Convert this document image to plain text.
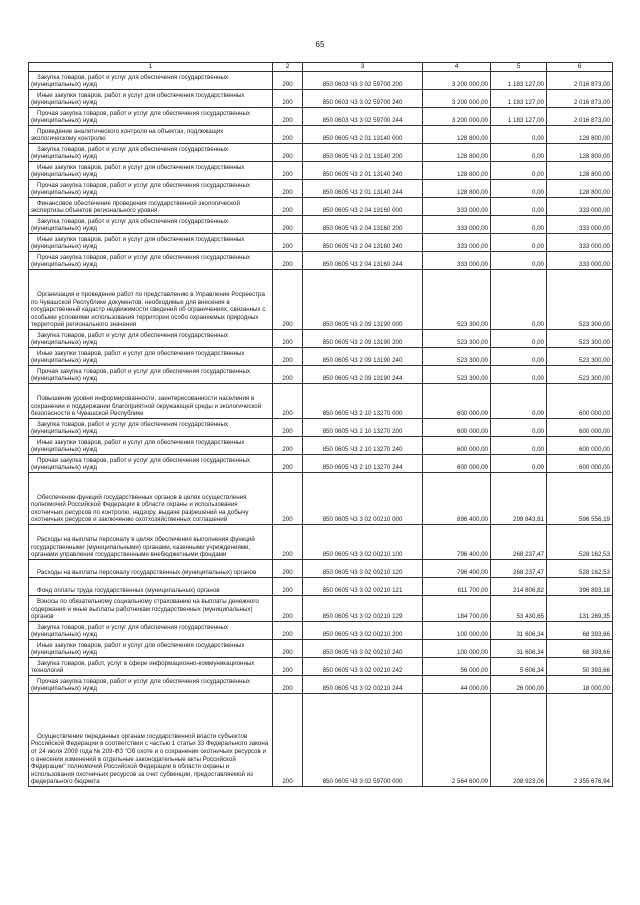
65
1	2	3	4	5	6
Закупка товаров, работ и услуг для обеспечения государственных (муниципальных) нужд	200	850 0603 Ч3 3 02 59700 200	3 200 000,00	1 183 127,00	2 016 873,00
Иные закупки товаров, работ и услуг для обеспечения государственных (муниципальных) нужд	200	850 0603 Ч3 3 02 59700 240	3 200 000,00	1 183 127,00	2 016 873,00
Прочая закупка товаров, работ и услуг для обеспечения государственных (муниципальных) нужд	200	850 0603 Ч3 3 02 59700 244	3 200 000,00	1 183 127,00	2 016 873,00
Проведение аналитического контроля на объектах, подлежащих экологическому контролю	200	850 0605 Ч3 2 01 13140 000	128 800,00	0,00	128 800,00
Закупка товаров, работ и услуг для обеспечения государственных (муниципальных) нужд	200	850 0605 Ч3 2 01 13140 200	128 800,00	0,00	128 800,00
Иные закупки товаров, работ и услуг для обеспечения государственных (муниципальных) нужд	200	850 0605 Ч3 2 01 13140 240	128 800,00	0,00	128 800,00
Прочая закупка товаров, работ и услуг для обеспечения государственных (муниципальных) нужд	200	850 0605 Ч3 2 01 13140 244	128 800,00	0,00	128 800,00
Финансовое обеспечение проведения государственной экологической экспертизы объектов регионального уровня	200	850 0605 Ч3 2 04 13160 000	333 000,00	0,00	333 000,00
Закупка товаров, работ и услуг для обеспечения государственных (муниципальных) нужд	200	850 0605 Ч3 2 04 13160 200	333 000,00	0,00	333 000,00
Иные закупки товаров, работ и услуг для обеспечения государственных (муниципальных) нужд	200	850 0605 Ч3 2 04 13160 240	333 000,00	0,00	333 000,00
Прочая закупка товаров, работ и услуг для обеспечения государственных (муниципальных) нужд	200	850 0605 Ч3 2 04 13160 244	333 000,00	0,00	333 000,00
Организация и проведение работ по представлению в Управление Росреестра по Чувашской Республике документов, необходимых для внесения в государственный кадастр недвижимости сведений об ограничениях, связанных с особыми условиями использования территории особо охраняемых природных территорий регионального значения	200	850 0605 Ч3 2 09 13190 000	523 300,00	0,00	523 300,00
Закупка товаров, работ и услуг для обеспечения государственных (муниципальных) нужд	200	850 0605 Ч3 2 09 13190 200	523 300,00	0,00	523 300,00
Иные закупки товаров, работ и услуг для обеспечения государственных (муниципальных) нужд	200	850 0605 Ч3 2 09 13190 240	523 300,00	0,00	523 300,00
Прочая закупка товаров, работ и услуг для обеспечения государственных (муниципальных) нужд	200	850 0605 Ч3 2 09 13190 244	523 300,00	0,00	523 300,00
Повышение уровня информированности, заинтересованности населения в сохранении и поддержании благоприятной окружающей среды и экологической безопасности в Чувашской Республике	200	850 0605 Ч3 2 10 13270 000	600 000,00	0,00	600 000,00
Закупка товаров, работ и услуг для обеспечения государственных (муниципальных) нужд	200	850 0605 Ч3 2 10 13270 200	600 000,00	0,00	600 000,00
Иные закупки товаров, работ и услуг для обеспечения государственных (муниципальных) нужд	200	850 0605 Ч3 2 10 13270 240	600 000,00	0,00	600 000,00
Прочая закупка товаров, работ и услуг для обеспечения государственных (муниципальных) нужд	200	850 0605 Ч3 2 10 13270 244	600 000,00	0,00	600 000,00
Обеспечение функций государственных органов в целях осуществления полномочий Российской Федерации в области охраны и использования охотничьих ресурсов по контролю, надзору, выдаче разрешений на добычу охотничьих ресурсов и заключению охотхозяйственных соглашений	200	850 0605 Ч3 3 02 00210 000	896 400,00	299 843,81	596 556,19
Расходы на выплаты персоналу в целях обеспечения выполнения функций государственными (муниципальными) органами, казенными учреждениями, органами управления государственными внебюджетными фондами	200	850 0605 Ч3 3 02 00210 100	796 400,00	268 237,47	528 162,53
Расходы на выплаты персоналу государственных (муниципальных) органов	200	850 0605 Ч3 3 02 00210 120	796 400,00	268 237,47	528 162,53
Фонд оплаты труда государственных (муниципальных) органов	200	850 0605 Ч3 3 02 00210 121	611 700,00	214 806,82	396 893,18
Взносы по обязательному социальному страхованию на выплаты денежного содержания и иные выплаты работникам государственных (муниципальных) органов	200	850 0605 Ч3 3 02 00210 129	184 700,00	53 430,65	131 269,35
Закупка товаров, работ и услуг для обеспечения государственных (муниципальных) нужд	200	850 0605 Ч3 3 02 00210 200	100 000,00	31 606,34	68 393,66
Иные закупки товаров, работ и услуг для обеспечения государственных (муниципальных) нужд	200	850 0605 Ч3 3 02 00210 240	100 000,00	31 606,34	68 393,66
Закупка товаров, работ, услуг в сфере информационно-коммуникационных технологий	200	850 0605 Ч3 3 02 00210 242	56 000,00	5 606,34	50 393,66
Прочая закупка товаров, работ и услуг для обеспечения государственных (муниципальных) нужд	200	850 0605 Ч3 3 02 00210 244	44 000,00	26 000,00	18 000,00
Осуществление переданных органам государственной власти субъектов Российской Федерации в соответствии с частью 1 статьи 33 Федерального закона от 24 июля 2009 года № 209-ФЗ "Об охоте и о сохранении охотничьих ресурсов и о внесении изменений в отдельные законодательные акты Российской Федерации" полномочий Российской Федерации в области охраны и использования охотничьих ресурсов за счет субвенции, предоставляемой из федерального бюджета	200	850 0605 Ч3 3 02 59700 000	2 564 600,00	208 923,06	2 355 676,94
